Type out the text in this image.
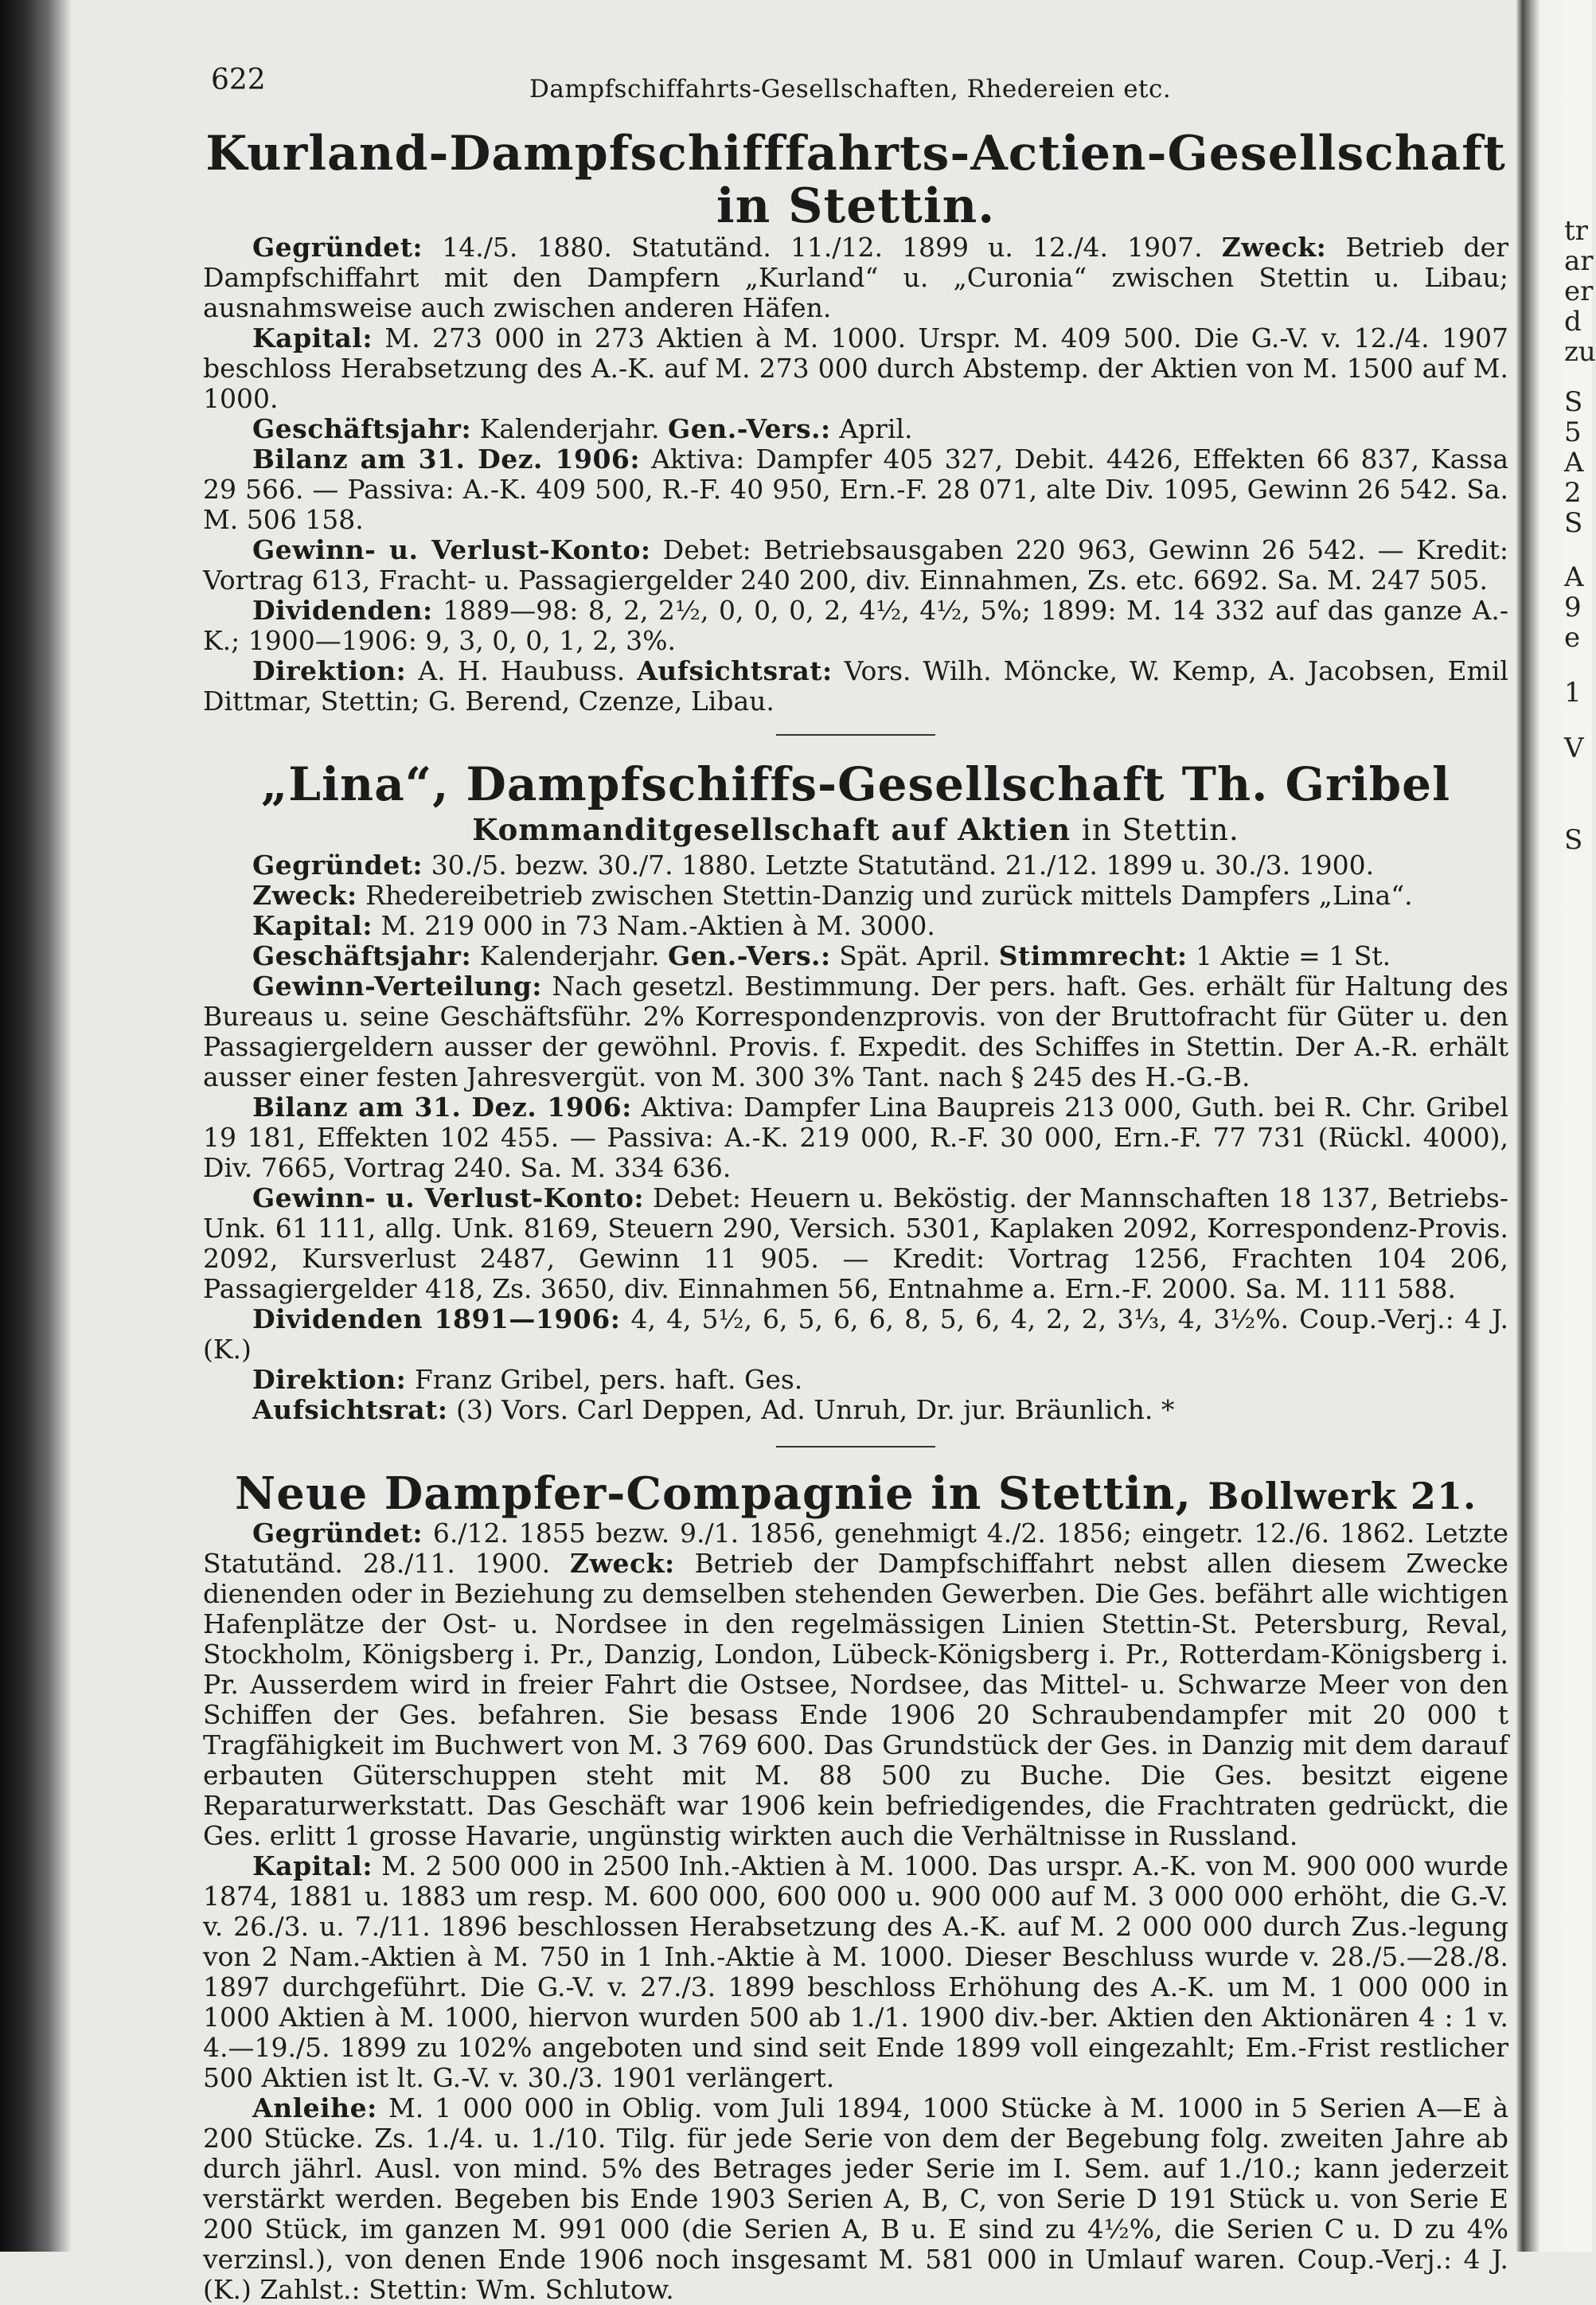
tr
ar
er
d
zu
S
5
A
2
S
A
9
e
1
V
S
622	Dampfschiffahrts-Gesellschaften, Rhedereien etc.
Kurland-Dampfschifffahrts-Actien-Gesellschaft in Stettin.

Gegründet: 14./5. 1880. Statutänd. 11./12. 1899 u. 12./4. 1907. Zweck: Betrieb der Dampfschiffahrt mit den Dampfern „Kurland“ u. „Curonia“ zwischen Stettin u. Libau; ausnahmsweise auch zwischen anderen Häfen.

Kapital: M. 273 000 in 273 Aktien à M. 1000. Urspr. M. 409 500. Die G.-V. v. 12./4. 1907 beschloss Herabsetzung des A.-K. auf M. 273 000 durch Abstemp. der Aktien von M. 1500 auf M. 1000.

Geschäftsjahr: Kalenderjahr. Gen.-Vers.: April.

Bilanz am 31. Dez. 1906: Aktiva: Dampfer 405 327, Debit. 4426, Effekten 66 837, Kassa 29 566. — Passiva: A.-K. 409 500, R.-F. 40 950, Ern.-F. 28 071, alte Div. 1095, Gewinn 26 542. Sa. M. 506 158.

Gewinn- u. Verlust-Konto: Debet: Betriebsausgaben 220 963, Gewinn 26 542. — Kredit: Vortrag 613, Fracht- u. Passagiergelder 240 200, div. Einnahmen, Zs. etc. 6692. Sa. M. 247 505.

Dividenden: 1889—98: 8, 2, 2½, 0, 0, 0, 2, 4½, 4½, 5%; 1899: M. 14 332 auf das ganze A.-K.; 1900—1906: 9, 3, 0, 0, 1, 2, 3%.

Direktion: A. H. Haubuss. Aufsichtsrat: Vors. Wilh. Möncke, W. Kemp, A. Jacobsen, Emil Dittmar, Stettin; G. Berend, Czenze, Libau.

„Lina“, Dampfschiffs-Gesellschaft Th. Gribel
Kommanditgesellschaft auf Aktien in Stettin.

Gegründet: 30./5. bezw. 30./7. 1880. Letzte Statutänd. 21./12. 1899 u. 30./3. 1900.

Zweck: Rhedereibetrieb zwischen Stettin-Danzig und zurück mittels Dampfers „Lina“.

Kapital: M. 219 000 in 73 Nam.-Aktien à M. 3000.

Geschäftsjahr: Kalenderjahr. Gen.-Vers.: Spät. April. Stimmrecht: 1 Aktie = 1 St.

Gewinn-Verteilung: Nach gesetzl. Bestimmung. Der pers. haft. Ges. erhält für Haltung des Bureaus u. seine Geschäftsführ. 2% Korrespondenzprovis. von der Bruttofracht für Güter u. den Passagiergeldern ausser der gewöhnl. Provis. f. Expedit. des Schiffes in Stettin. Der A.-R. erhält ausser einer festen Jahresvergüt. von M. 300 3% Tant. nach § 245 des H.-G.-B.

Bilanz am 31. Dez. 1906: Aktiva: Dampfer Lina Baupreis 213 000, Guth. bei R. Chr. Gribel 19 181, Effekten 102 455. — Passiva: A.-K. 219 000, R.-F. 30 000, Ern.-F. 77 731 (Rückl. 4000), Div. 7665, Vortrag 240. Sa. M. 334 636.

Gewinn- u. Verlust-Konto: Debet: Heuern u. Beköstig. der Mannschaften 18 137, Betriebs-Unk. 61 111, allg. Unk. 8169, Steuern 290, Versich. 5301, Kaplaken 2092, Korrespondenz-Provis. 2092, Kursverlust 2487, Gewinn 11 905. — Kredit: Vortrag 1256, Frachten 104 206, Passagiergelder 418, Zs. 3650, div. Einnahmen 56, Entnahme a. Ern.-F. 2000. Sa. M. 111 588.

Dividenden 1891—1906: 4, 4, 5½, 6, 5, 6, 6, 8, 5, 6, 4, 2, 2, 3⅓, 4, 3½%. Coup.-Verj.: 4 J. (K.)

Direktion: Franz Gribel, pers. haft. Ges.

Aufsichtsrat: (3) Vors. Carl Deppen, Ad. Unruh, Dr. jur. Bräunlich. *

Neue Dampfer-Compagnie in Stettin, Bollwerk 21.

Gegründet: 6./12. 1855 bezw. 9./1. 1856, genehmigt 4./2. 1856; eingetr. 12./6. 1862. Letzte Statutänd. 28./11. 1900. Zweck: Betrieb der Dampfschiffahrt nebst allen diesem Zwecke dienenden oder in Beziehung zu demselben stehenden Gewerben. Die Ges. befährt alle wichtigen Hafenplätze der Ost- u. Nordsee in den regelmässigen Linien Stettin-St. Petersburg, Reval, Stockholm, Königsberg i. Pr., Danzig, London, Lübeck-Königsberg i. Pr., Rotterdam-Königsberg i. Pr. Ausserdem wird in freier Fahrt die Ostsee, Nordsee, das Mittel- u. Schwarze Meer von den Schiffen der Ges. befahren. Sie besass Ende 1906 20 Schraubendampfer mit 20 000 t Tragfähigkeit im Buchwert von M. 3 769 600. Das Grundstück der Ges. in Danzig mit dem darauf erbauten Güterschuppen steht mit M. 88 500 zu Buche. Die Ges. besitzt eigene Reparaturwerkstatt. Das Geschäft war 1906 kein befriedigendes, die Frachtraten gedrückt, die Ges. erlitt 1 grosse Havarie, ungünstig wirkten auch die Verhältnisse in Russland.

Kapital: M. 2 500 000 in 2500 Inh.-Aktien à M. 1000. Das urspr. A.-K. von M. 900 000 wurde 1874, 1881 u. 1883 um resp. M. 600 000, 600 000 u. 900 000 auf M. 3 000 000 erhöht, die G.-V. v. 26./3. u. 7./11. 1896 beschlossen Herabsetzung des A.-K. auf M. 2 000 000 durch Zus.-legung von 2 Nam.-Aktien à M. 750 in 1 Inh.-Aktie à M. 1000. Dieser Beschluss wurde v. 28./5.—28./8. 1897 durchgeführt. Die G.-V. v. 27./3. 1899 beschloss Erhöhung des A.-K. um M. 1 000 000 in 1000 Aktien à M. 1000, hiervon wurden 500 ab 1./1. 1900 div.-ber. Aktien den Aktionären 4 : 1 v. 4.—19./5. 1899 zu 102% angeboten und sind seit Ende 1899 voll eingezahlt; Em.-Frist restlicher 500 Aktien ist lt. G.-V. v. 30./3. 1901 verlängert.

Anleihe: M. 1 000 000 in Oblig. vom Juli 1894, 1000 Stücke à M. 1000 in 5 Serien A—E à 200 Stücke. Zs. 1./4. u. 1./10. Tilg. für jede Serie von dem der Begebung folg. zweiten Jahre ab durch jährl. Ausl. von mind. 5% des Betrages jeder Serie im I. Sem. auf 1./10.; kann jederzeit verstärkt werden. Begeben bis Ende 1903 Serien A, B, C, von Serie D 191 Stück u. von Serie E 200 Stück, im ganzen M. 991 000 (die Serien A, B u. E sind zu 4½%, die Serien C u. D zu 4% verzinsl.), von denen Ende 1906 noch insgesamt M. 581 000 in Umlauf waren. Coup.-Verj.: 4 J. (K.) Zahlst.: Stettin: Wm. Schlutow.
